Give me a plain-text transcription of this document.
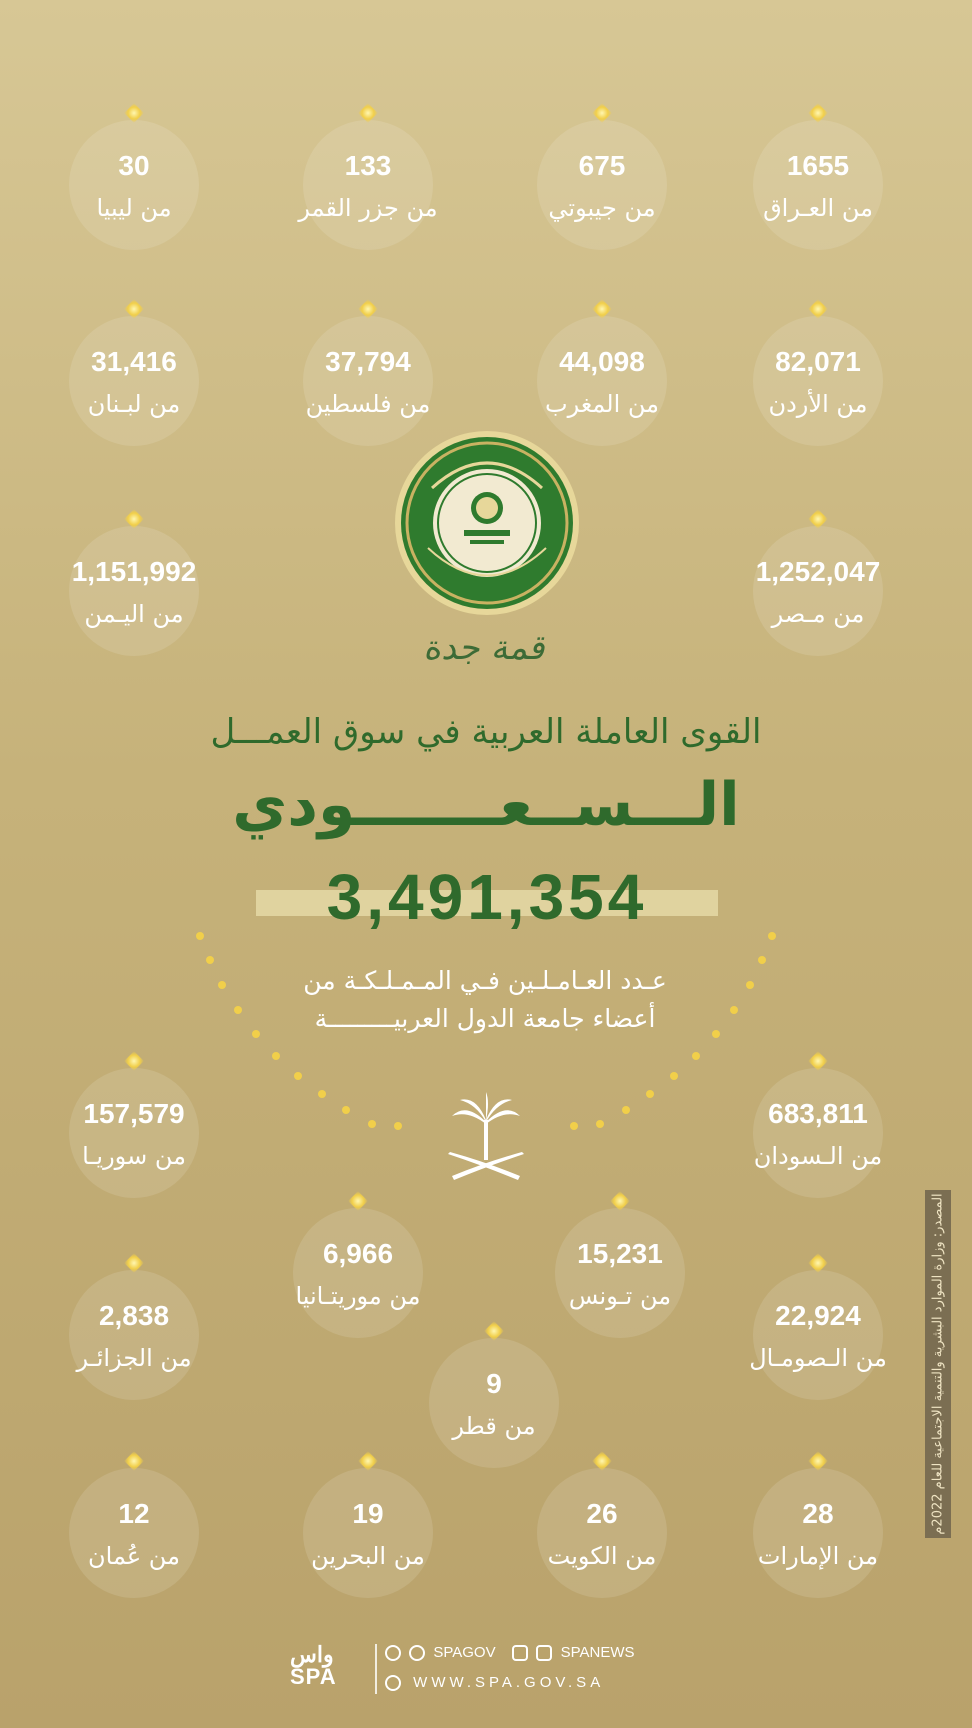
1655
من العـراق
675
من جيبوتي
133
من جزر القمر
30
من ليبيا
82,071
من الأردن
44,098
من المغرب
37,794
من فلسطين
31,416
من لبـنان
1,252,047
من مـصر
1,151,992
من اليـمن
683,811
من الـسودان
157,579
من سوريـا
15,231
من تـونس
6,966
من موريتـانيا
22,924
من الـصومـال
2,838
من الجزائـر
9
من قطر
28
من الإمارات
26
من الكويت
19
من البحرين
12
من عُمان
قمة جدة
القوى العاملة العربية في سوق العمـــل
الـــســعـــــــودي
3,491,354
عـدد العـامـلـين فـي المـمـلـكـة من
أعضاء جامعة الدول العربيـــــــــة
المصدر: وزارة الموارد البشرية والتنمية الاجتماعية للعام 2022م
واس
SPA
SPAGOV	SPANEWS
WWW.SPA.GOV.SA
